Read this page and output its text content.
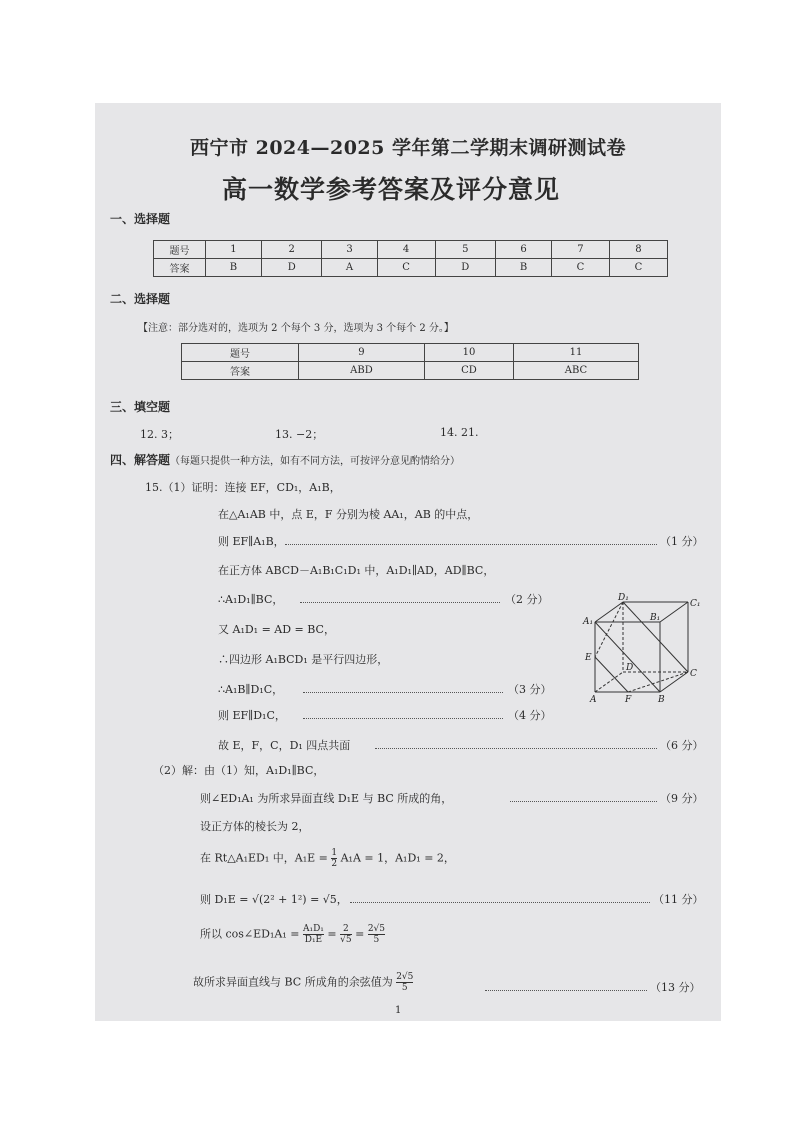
西宁市 2024—2025 学年第二学期末调研测试卷
高一数学参考答案及评分意见
一、选择题
题号	1	2	3	4	5	6	7	8
答案	B	D	A	C	D	B	C	C
二、选择题
【注意：部分选对的，选项为 2 个每个 3 分，选项为 3 个每个 2 分。】
题号	9	10	11
答案	ABD	CD	ABC
三、填空题
12. 3；	13. −2；	14. 21.
四、解答题（每题只提供一种方法，如有不同方法，可按评分意见酌情给分）
15.（1）证明：连接 EF，CD₁，A₁B，
在△A₁AB 中，点 E，F 分别为棱 AA₁，AB 的中点，
则 EF∥A₁B，	（1 分）
在正方体 ABCD－A₁B₁C₁D₁ 中，A₁D₁∥AD，AD∥BC，
∴A₁D₁∥BC，	（2 分）
又 A₁D₁ = AD = BC，
∴四边形 A₁BCD₁ 是平行四边形，
∴A₁B∥D₁C，	（3 分）
则 EF∥D₁C，	（4 分）
故 E，F，C，D₁ 四点共面	（6 分）
（2）解：由（1）知，A₁D₁∥BC，
则∠ED₁A₁ 为所求异面直线 D₁E 与 BC 所成的角，	（9 分）
设正方体的棱长为 2，
在 Rt△A₁ED₁ 中，$A_1E = \frac{1}{2} A_1A = 1$，A₁D₁ = 2，
则 D₁E = √(2² + 1²) = √5，	（11 分）
所以 cos∠ED₁A₁ = $\frac{\text{A₁D₁}}{\text{D₁E}} = \frac{2}{√5} = \frac{2√5}{5}$
故所求异面直线与 BC 所成角的余弦值为 $\frac{2√5}{5}$	（13 分）
1
D₁
C₁
A₁	B₁
E
D
C
A	F	B
